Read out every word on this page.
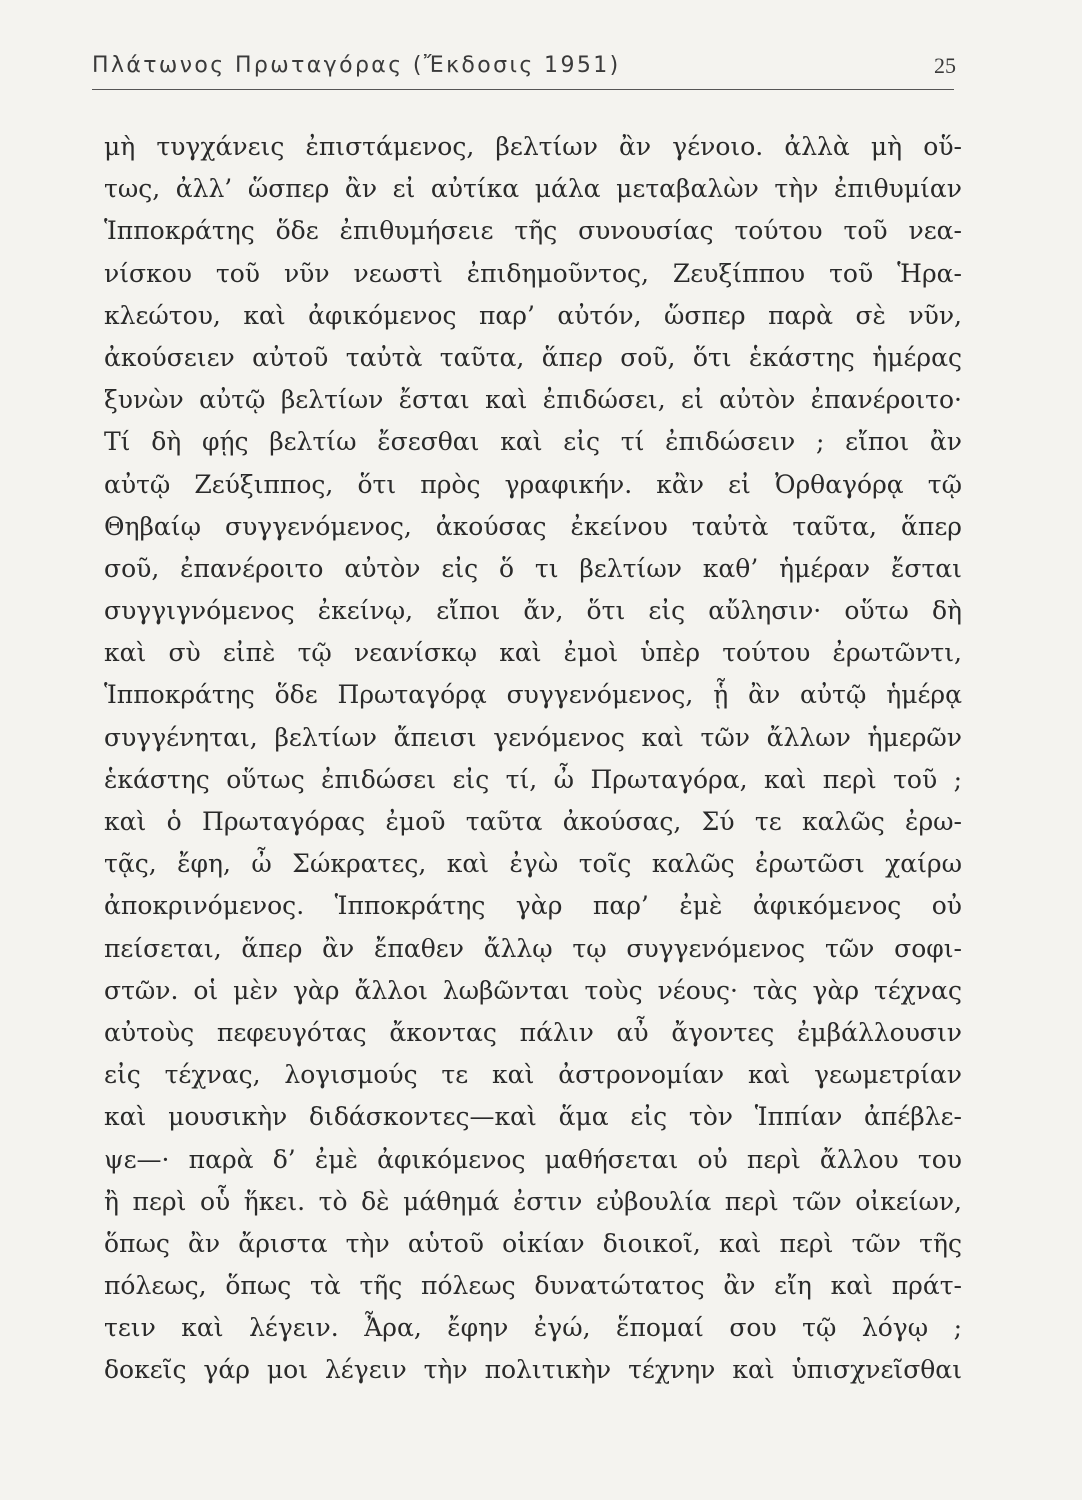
Πλάτωνος Πρωταγόρας (Ἔκδοσις 1951)	25
μὴ τυγχάνεις ἐπιστάμενος, βελτίων ἂν γένοιο. ἀλλὰ μὴ οὕ-
τως, ἀλλ’ ὥσπερ ἂν εἰ αὐτίκα μάλα μεταβαλὼν τὴν ἐπιθυμίαν
Ἱπποκράτης ὅδε ἐπιθυμήσειε τῆς συνουσίας τούτου τοῦ νεα-
νίσκου τοῦ νῦν νεωστὶ ἐπιδημοῦντος, Ζευξίππου τοῦ Ἡρα-
κλεώτου, καὶ ἀφικόμενος παρ’ αὐτόν, ὥσπερ παρὰ σὲ νῦν,
ἀκούσειεν αὐτοῦ ταὐτὰ ταῦτα, ἅπερ σοῦ, ὅτι ἑκάστης ἡμέρας
ξυνὼν αὐτῷ βελτίων ἔσται καὶ ἐπιδώσει, εἰ αὐτὸν ἐπανέροιτο·
Τί δὴ φῄς βελτίω ἔσεσθαι καὶ εἰς τί ἐπιδώσειν ; εἴποι ἂν
αὐτῷ Ζεύξιππος, ὅτι πρὸς γραφικήν. κἂν εἰ Ὀρθαγόρᾳ τῷ
Θηβαίῳ συγγενόμενος, ἀκούσας ἐκείνου ταὐτὰ ταῦτα, ἅπερ
σοῦ, ἐπανέροιτο αὐτὸν εἰς ὅ τι βελτίων καθ’ ἡμέραν ἔσται
συγγιγνόμενος ἐκείνῳ, εἴποι ἄν, ὅτι εἰς αὔλησιν· οὕτω δὴ
καὶ σὺ εἰπὲ τῷ νεανίσκῳ καὶ ἐμοὶ ὑπὲρ τούτου ἐρωτῶντι,
Ἱπποκράτης ὅδε Πρωταγόρᾳ συγγενόμενος, ᾗ ἂν αὐτῷ ἡμέρᾳ
συγγένηται, βελτίων ἄπεισι γενόμενος καὶ τῶν ἄλλων ἡμερῶν
ἑκάστης οὕτως ἐπιδώσει εἰς τί, ὦ Πρωταγόρα, καὶ περὶ τοῦ ;
καὶ ὁ Πρωταγόρας ἐμοῦ ταῦτα ἀκούσας, Σύ τε καλῶς ἐρω-
τᾷς, ἔφη, ὦ Σώκρατες, καὶ ἐγὼ τοῖς καλῶς ἐρωτῶσι χαίρω
ἀποκρινόμενος. Ἱπποκράτης γὰρ παρ’ ἐμὲ ἀφικόμενος οὐ
πείσεται, ἅπερ ἂν ἔπαθεν ἄλλῳ τῳ συγγενόμενος τῶν σοφι-
στῶν. οἱ μὲν γὰρ ἄλλοι λωβῶνται τοὺς νέους· τὰς γὰρ τέχνας
αὐτοὺς πεφευγότας ἄκοντας πάλιν αὖ ἄγοντες ἐμβάλλουσιν
εἰς τέχνας, λογισμούς τε καὶ ἀστρονομίαν καὶ γεωμετρίαν
καὶ μουσικὴν διδάσκοντες—καὶ ἅμα εἰς τὸν Ἱππίαν ἀπέβλε-
ψε—· παρὰ δ’ ἐμὲ ἀφικόμενος μαθήσεται οὐ περὶ ἄλλου του
ἢ περὶ οὗ ἥκει. τὸ δὲ μάθημά ἐστιν εὐβουλία περὶ τῶν οἰκείων,
ὅπως ἂν ἄριστα τὴν αὑτοῦ οἰκίαν διοικοῖ, καὶ περὶ τῶν τῆς
πόλεως, ὅπως τὰ τῆς πόλεως δυνατώτατος ἂν εἴη καὶ πράτ-
τειν καὶ λέγειν. Ἆρα, ἔφην ἐγώ, ἕπομαί σου τῷ λόγῳ ;
δοκεῖς γάρ μοι λέγειν τὴν πολιτικὴν τέχνην καὶ ὑπισχνεῖσθαι
